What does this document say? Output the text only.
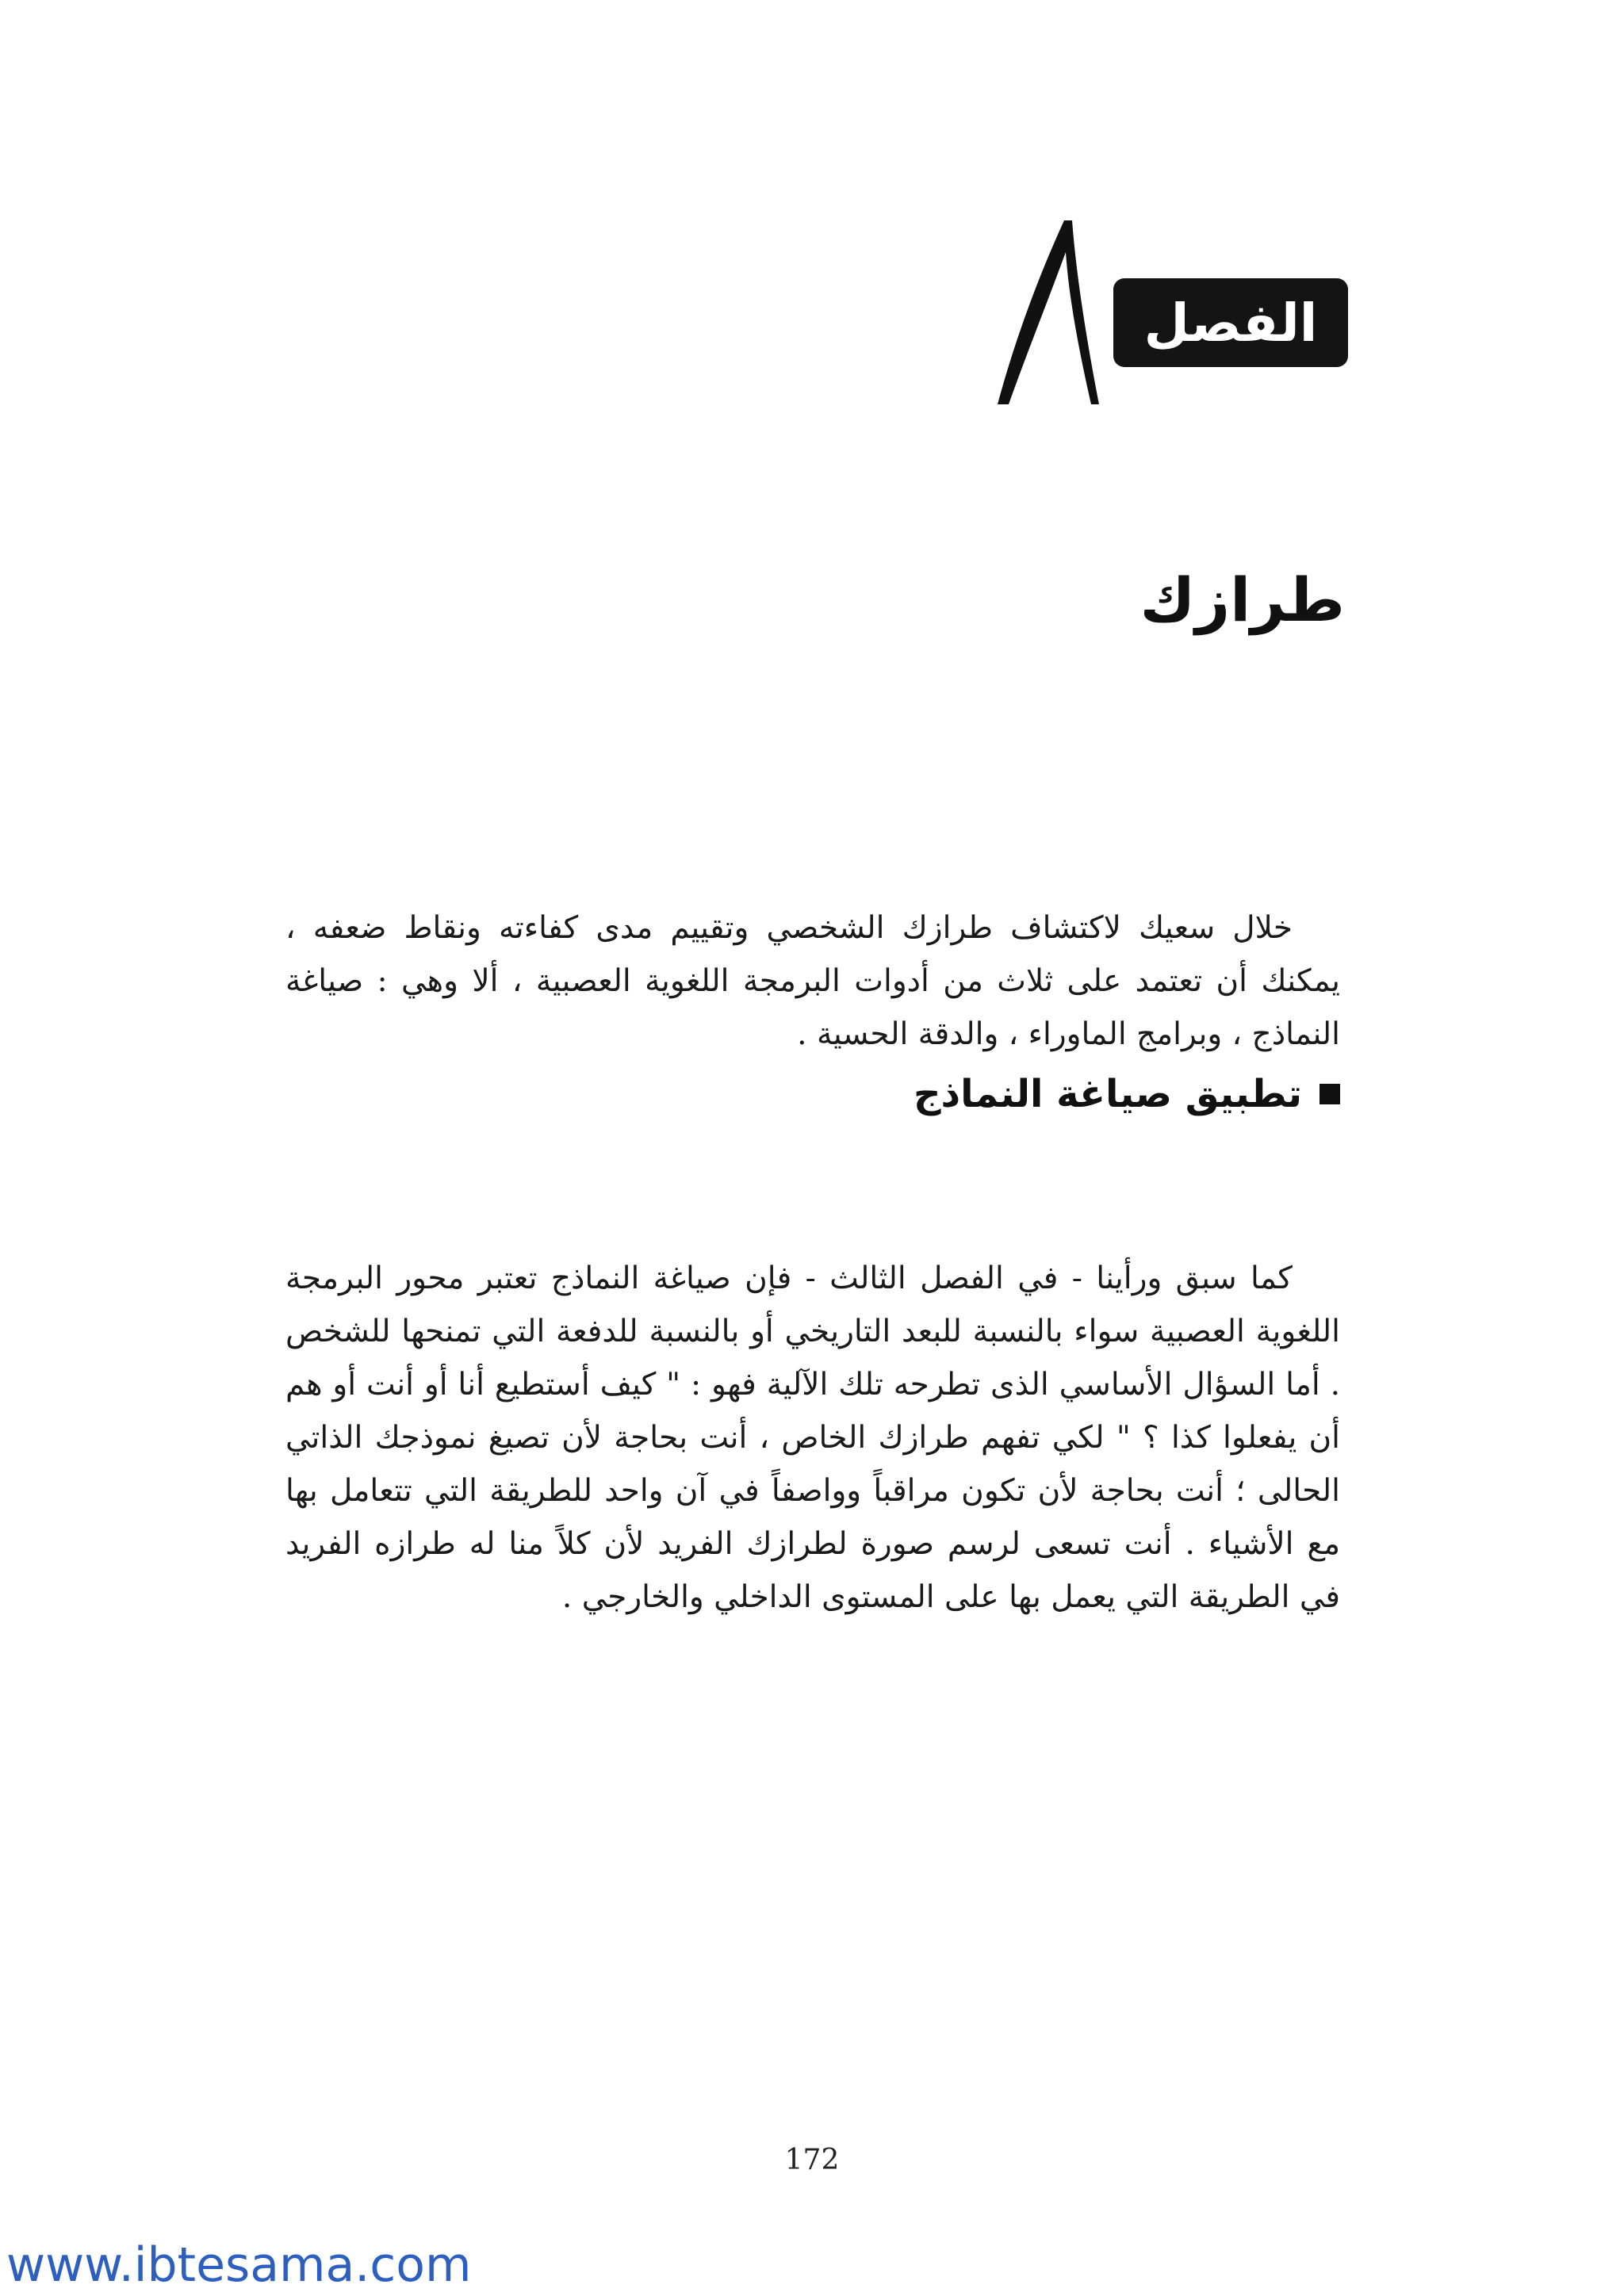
الفصل
طرازك

خلال سعيك لاكتشاف طرازك الشخصي وتقييم مدى كفاءته ونقاط ضعفه ، يمكنك أن تعتمد على ثلاث من أدوات البرمجة اللغوية العصبية ، ألا وهي : صياغة النماذج ، وبرامج الماوراء ، والدقة الحسية .

تطبيق صياغة النماذج

كما سبق ورأينا - في الفصل الثالث - فإن صياغة النماذج تعتبر محور البرمجة اللغوية العصبية سواء بالنسبة للبعد التاريخي أو بالنسبة للدفعة التي تمنحها للشخص . أما السؤال الأساسي الذى تطرحه تلك الآلية فهو : " كيف أستطيع أنا أو أنت أو هم أن يفعلوا كذا ؟ " لكي تفهم طرازك الخاص ، أنت بحاجة لأن تصيغ نموذجك الذاتي الحالى ؛ أنت بحاجة لأن تكون مراقباً وواصفاً في آن واحد للطريقة التي تتعامل بها مع الأشياء . أنت تسعى لرسم صورة لطرازك الفريد لأن كلاً منا له طرازه الفريد في الطريقة التي يعمل بها على المستوى الداخلي والخارجي .

172
www.ibtesama.com
